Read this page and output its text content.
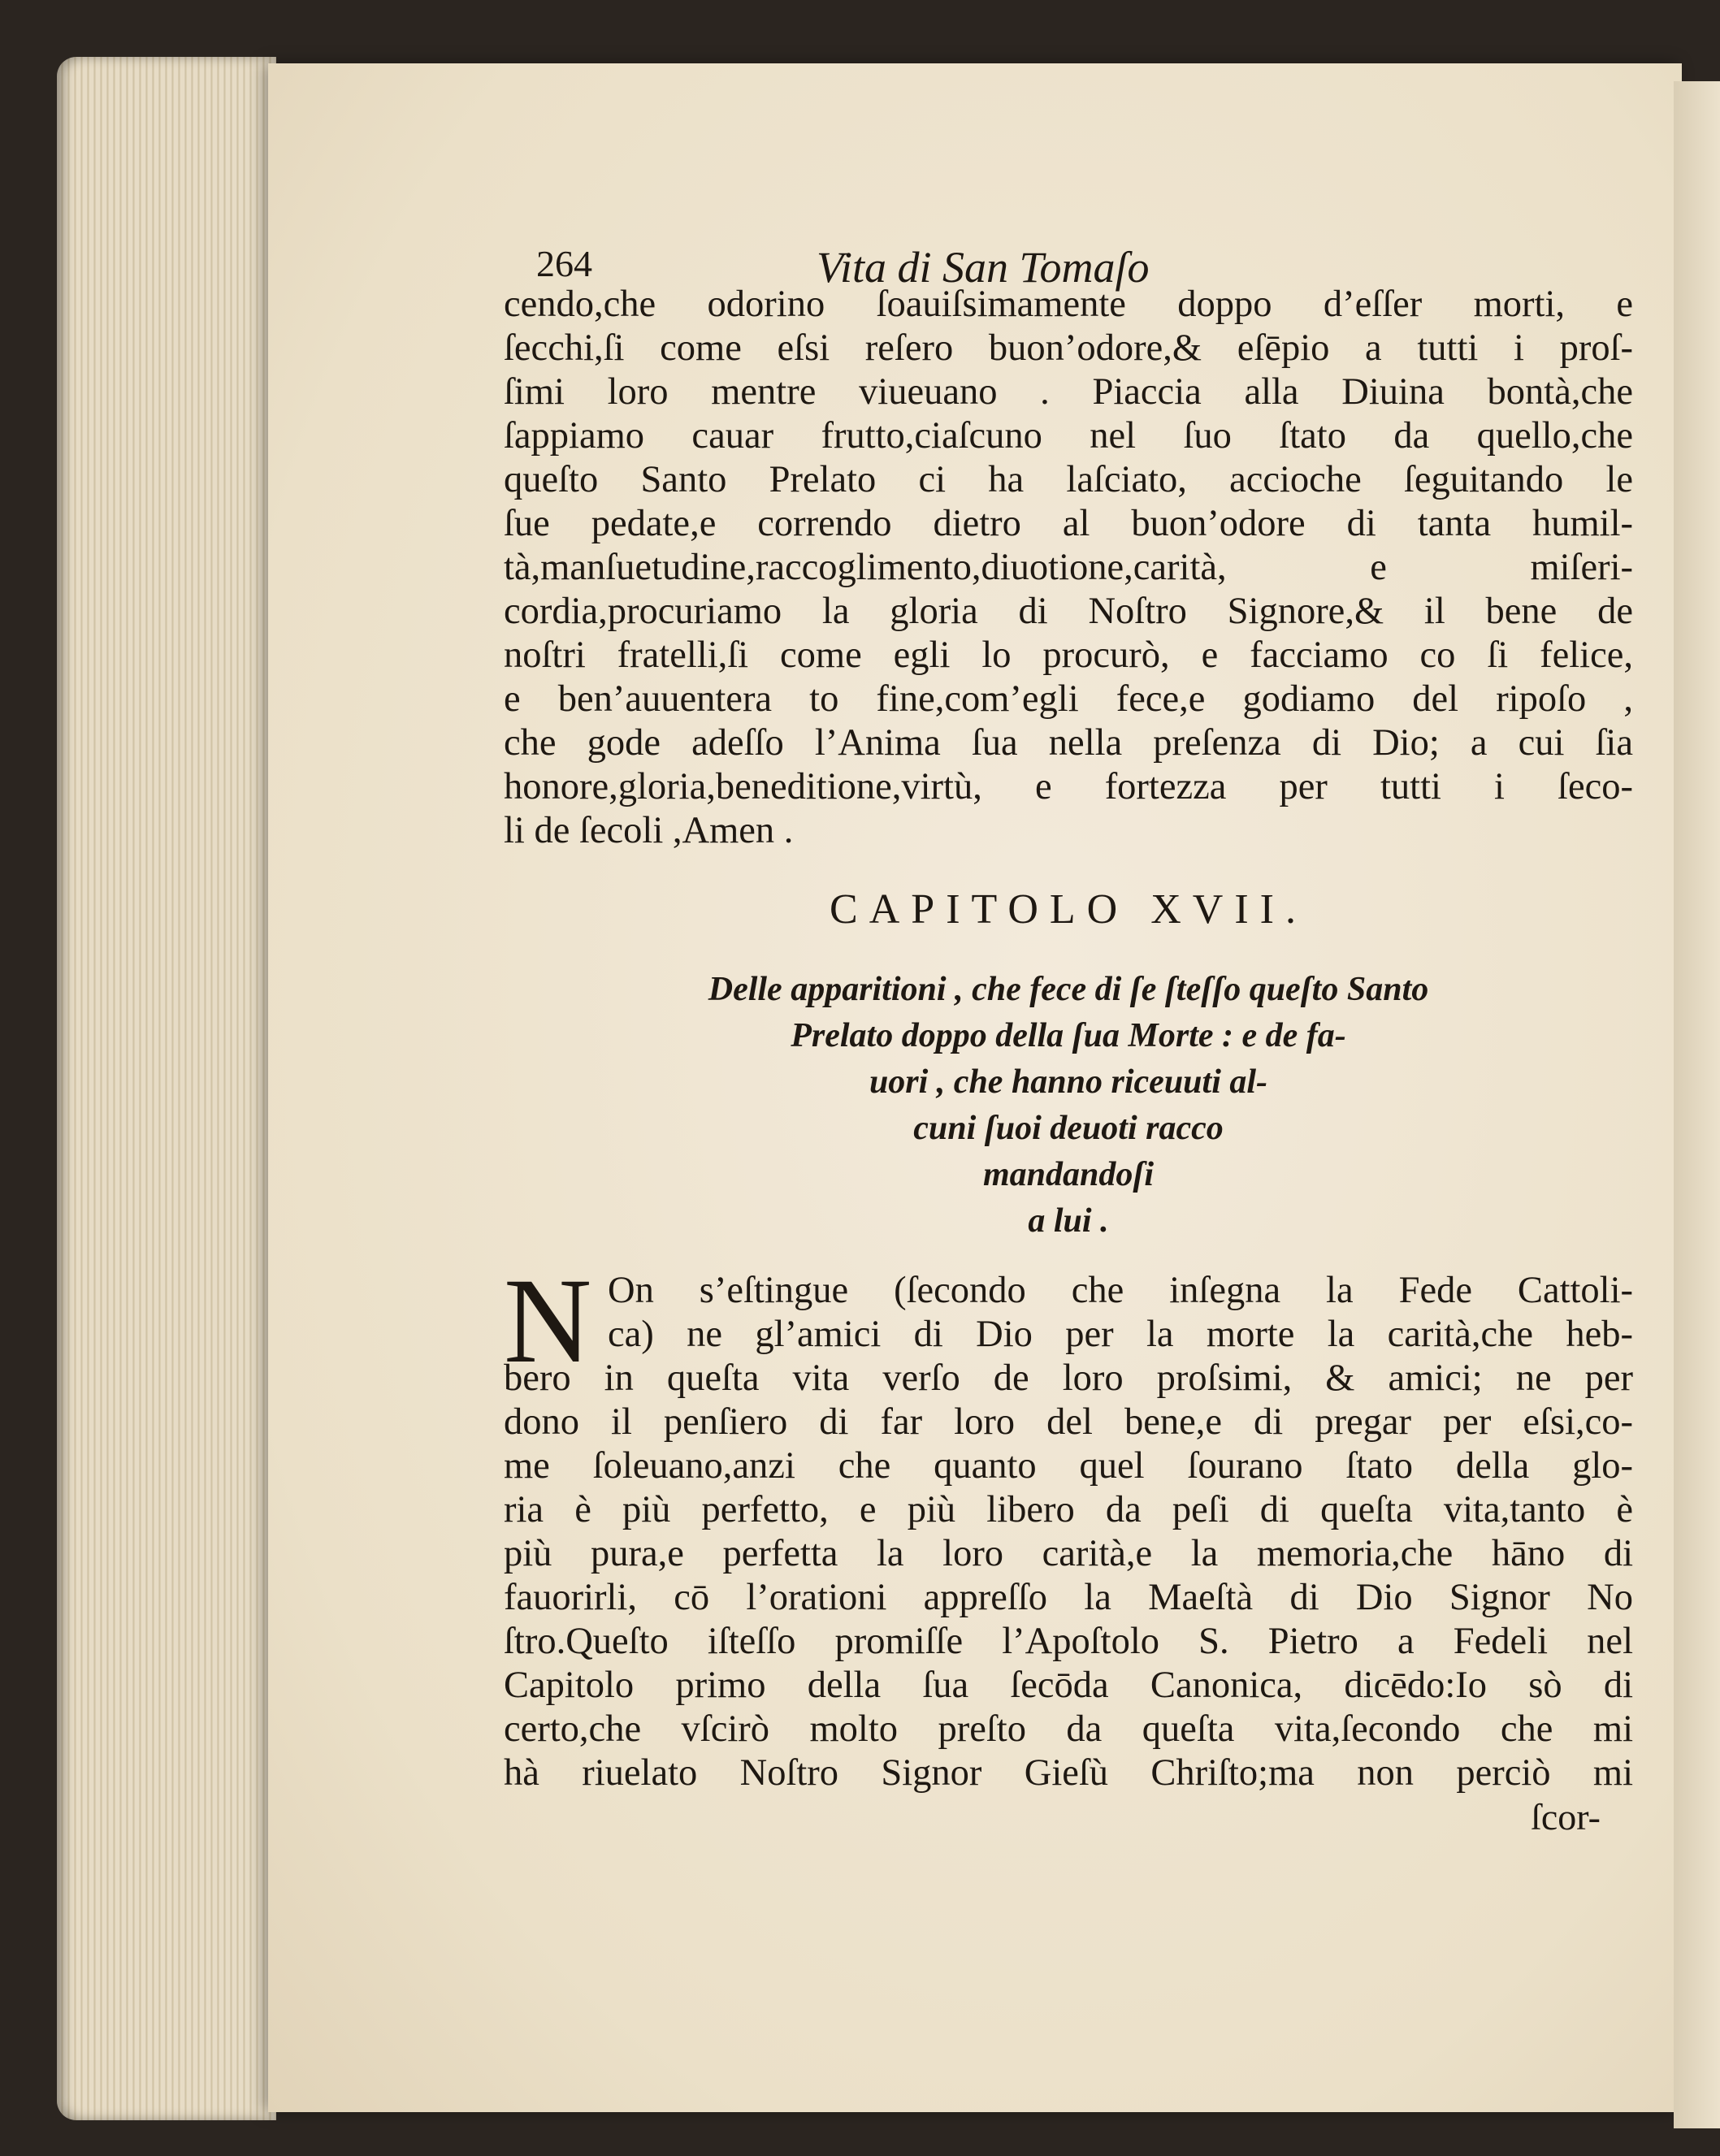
264	Vita di San Tomaſo
cendo,che odorino ſoauiſsimamente doppo d’eſſer morti, e
ſecchi,ſi come eſsi reſero buon’odore,& eſēpio a tutti i proſ-
ſimi loro mentre viueuano . Piaccia alla Diuina bontà,che
ſappiamo cauar frutto,ciaſcuno nel ſuo ſtato da quello,che
queſto Santo Prelato ci ha laſciato, accioche ſeguitando le
ſue pedate,e correndo dietro al buon’odore di tanta humil-
tà,manſuetudine,raccoglimento,diuotione,carità, e miſeri-
cordia,procuriamo la gloria di Noſtro Signore,& il bene de
noſtri fratelli,ſi come egli lo procurò, e facciamo co ſi felice,
e ben’auuentera to fine,com’egli fece,e godiamo del ripoſo ,
che gode adeſſo l’Anima ſua nella preſenza di Dio; a cui ſia
honore,gloria,beneditione,virtù, e fortezza per tutti i ſeco-
li de ſecoli ,Amen .
CAPITOLO XVII.
Delle apparitioni , che fece di ſe ſteſſo queſto Santo
Prelato doppo della ſua Morte : e de fa-
uori , che hanno riceuuti al-
cuni ſuoi deuoti racco
mandandoſi
a lui .
N On s’eſtingue (ſecondo che inſegna la Fede Cattoli-
ca) ne gl’amici di Dio per la morte la carità,che heb-
bero in queſta vita verſo de loro proſsimi, & amici; ne per
dono il penſiero di far loro del bene,e di pregar per eſsi,co-
me ſoleuano,anzi che quanto quel ſourano ſtato della glo-
ria è più perfetto, e più libero da peſi di queſta vita,tanto è
più pura,e perfetta la loro carità,e la memoria,che hāno di
fauorirli, cō l’orationi appreſſo la Maeſtà di Dio Signor No
ſtro.Queſto iſteſſo promiſſe l’Apoſtolo S. Pietro a Fedeli nel
Capitolo primo della ſua ſecōda Canonica, dicēdo:Io sò di
certo,che vſcirò molto preſto da queſta vita,ſecondo che mi
hà riuelato Noſtro Signor Gieſù Chriſto;ma non perciò mi
ſcor-
